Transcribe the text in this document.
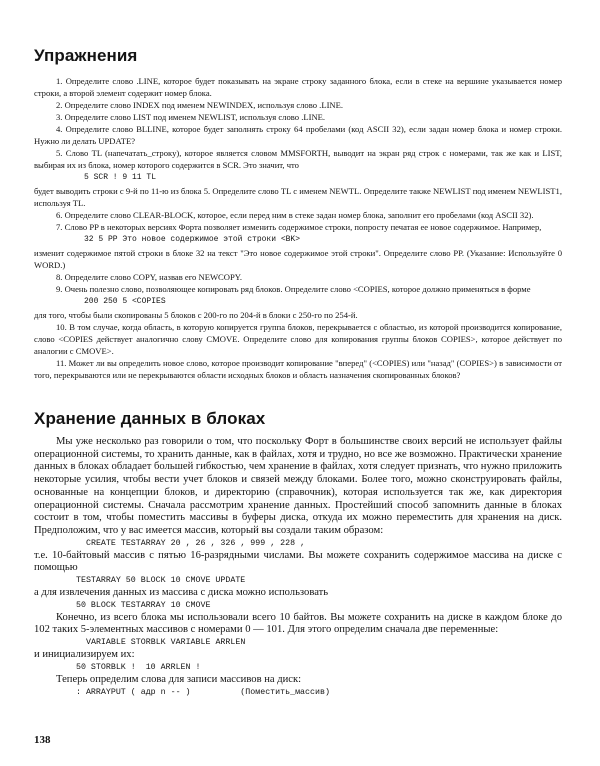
Упражнения

1. Определите слово .LINE, которое будет показывать на экране строку заданного блока, если в стеке на вершине указывается номер строки, а второй элемент содержит номер блока.

2. Определите слово INDEX под именем NEWINDEX, используя слово .LINE.

3. Определите слово LIST под именем NEWLIST, используя слово .LINE.

4. Определите слово BLLINE, которое будет заполнять строку 64 пробелами (код ASCII 32), если задан номер блока и номер строки. Нужно ли делать UPDATE?

5. Слово TL (напечатать_строку), которое является словом MMSFORTH, выводит на экран ряд строк с номерами, так же как и LIST, выбирая их из блока, номер которого содержится в SCR. Это значит, что

5 SCR ! 9 11 TL

будет выводить строки с 9-й по 11-ю из блока 5. Определите слово TL с именем NEWTL. Определите также NEWLIST под именем NEWLIST1, используя TL.

6. Определите слово CLEAR-BLOCK, которое, если перед ним в стеке задан номер блока, заполнит его пробелами (код ASCII 32).

7. Слово PP в некоторых версиях Форта позволяет изменить содержимое строки, попросту печатая ее новое содержимое. Например,

32 5 PP Это новое содержимое этой строки <BK>

изменит содержимое пятой строки в блоке 32 на текст "Это новое содержимое этой строки". Определите слово PP. (Указание: Используйте 0 WORD.)

8. Определите слово COPY, назвав его NEWCOPY.

9. Очень полезно слово, позволяющее копировать ряд блоков. Определите слово <COPIES, которое должно применяться в форме

200 250 5 <COPIES

для того, чтобы были скопированы 5 блоков с 200-го по 204-й в блоки с 250-го по 254-й.

10. В том случае, когда область, в которую копируется группа блоков, перекрывается с областью, из которой производится копирование, слово <COPIES действует аналогично слову CMOVE. Определите слово для копирования группы блоков COPIES>, которое действует по аналогии с CMOVE>.

11. Может ли вы определить новое слово, которое производит копирование "вперед" (<COPIES) или "назад" (COPIES>) в зависимости от того, перекрываются или не перекрываются области исходных блоков и область назначения скопированных блоков?

Хранение данных в блоках

Мы уже несколько раз говорили о том, что поскольку Форт в большинстве своих версий не использует файлы операционной системы, то хранить данные, как в файлах, хотя и трудно, но все же возможно. Практически хранение данных в блоках обладает большей гибкостью, чем хранение в файлах, хотя следует признать, что нужно приложить некоторые усилия, чтобы вести учет блоков и связей между блоками. Более того, можно сконструировать файлы, основанные на концепции блоков, и директорию (справочник), которая используется так же, как директория операционной системы. Сначала рассмотрим хранение данных. Простейший способ запомнить данные в блоках состоит в том, чтобы поместить массивы в буферы диска, откуда их можно переместить для хранения на диск. Предположим, что у вас имеется массив, который вы создали таким образом:

CREATE TESTARRAY 20 , 26 , 326 , 999 , 228 ,

т.е. 10-байтовый массив с пятью 16-разрядными числами. Вы можете сохранить содержимое массива на диске с помощью

TESTARRAY 50 BLOCK 10 CMOVE UPDATE

а для извлечения данных из массива с диска можно использовать

50 BLOCK TESTARRAY 10 CMOVE

Конечно, из всего блока мы использовали всего 10 байтов. Вы можете сохранить на диске в каждом блоке до 102 таких 5-элементных массивов с номерами 0 — 101. Для этого определим сначала две переменные:

VARIABLE STORBLK VARIABLE ARRLEN

и инициализируем их:

50 STORBLK !  10 ARRLEN !

Теперь определим слова для записи массивов на диск:

: ARRAYPUT ( адр n -- )          (Поместить_массив)
138
